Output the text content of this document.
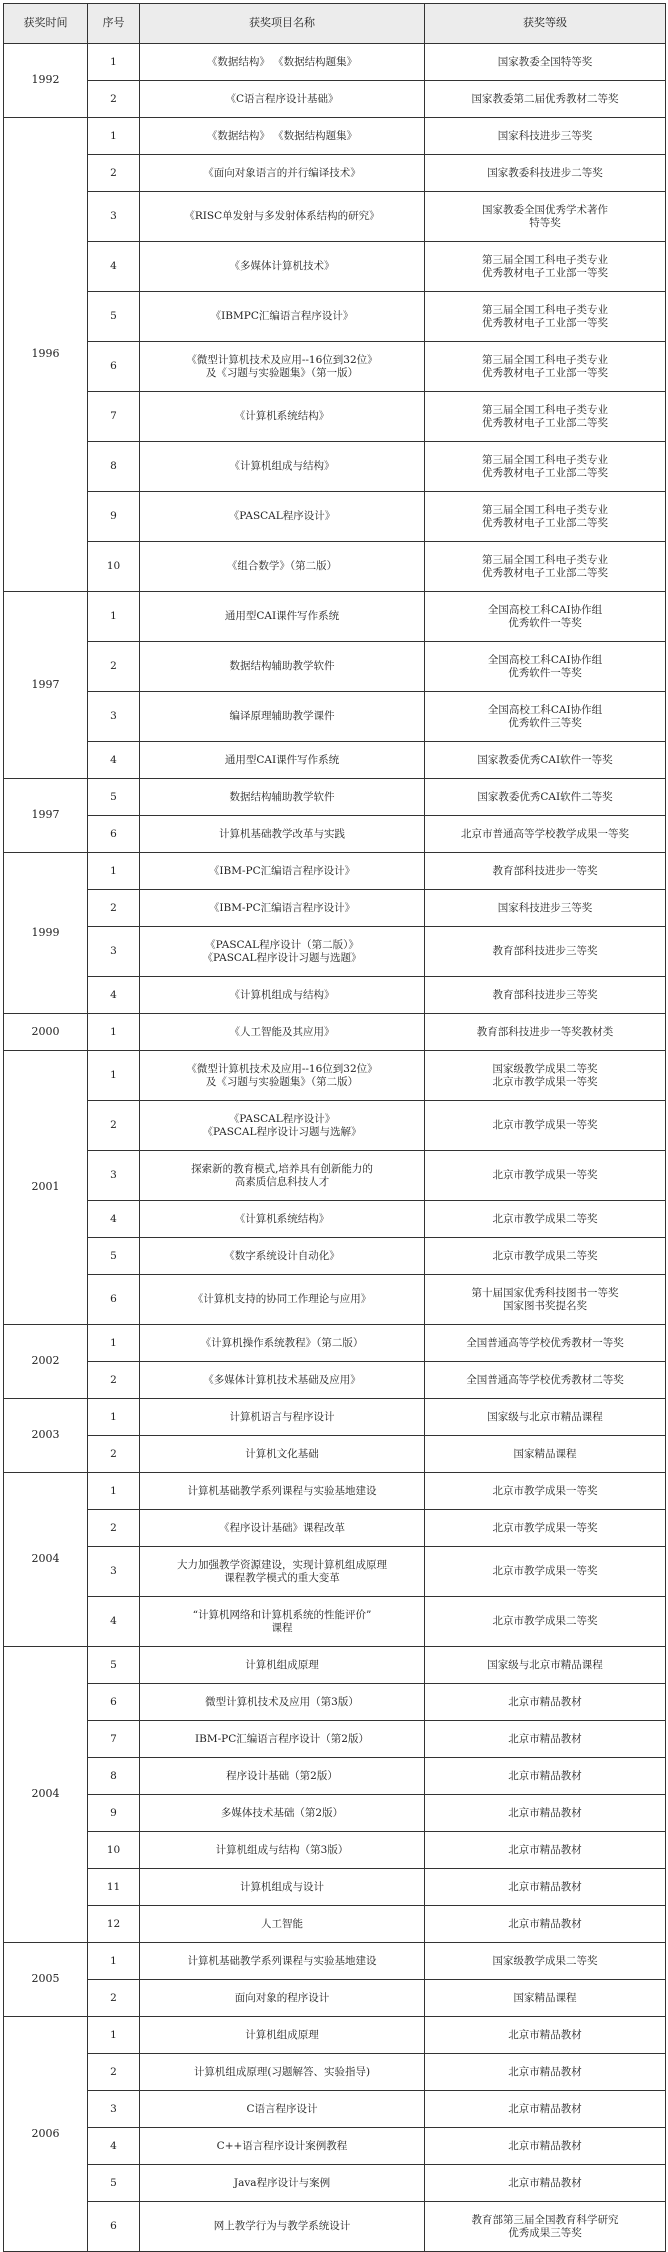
获奖时间	序号	获奖项目名称	获奖等级
1992	1	《数据结构》 《数据结构题集》	国家教委全国特等奖

	2	《C语言程序设计基础》	国家教委第二届优秀教材二等奖

1996	1	《数据结构》 《数据结构题集》	国家科技进步三等奖

	2	《面向对象语言的并行编译技术》	国家教委科技进步二等奖

	3	《RISC单发射与多发射体系结构的研究》	国家教委全国优秀学术著作
特等奖

	4	《多媒体计算机技术》	第三届全国工科电子类专业
优秀教材电子工业部一等奖

	5	《IBMPC汇编语言程序设计》	第三届全国工科电子类专业
优秀教材电子工业部一等奖

	6	《微型计算机技术及应用--16位到32位》
及《习题与实验题集》（第一版）	第三届全国工科电子类专业
优秀教材电子工业部一等奖

	7	《计算机系统结构》	第三届全国工科电子类专业
优秀教材电子工业部二等奖

	8	《计算机组成与结构》	第三届全国工科电子类专业
优秀教材电子工业部二等奖

	9	《PASCAL程序设计》	第三届全国工科电子类专业
优秀教材电子工业部二等奖

	10	《组合数学》（第二版）	第三届全国工科电子类专业
优秀教材电子工业部二等奖

1997	1	通用型CAI课件写作系统	全国高校工科CAI协作组
优秀软件一等奖

	2	数据结构辅助教学软件	全国高校工科CAI协作组
优秀软件一等奖

	3	编译原理辅助教学课件	全国高校工科CAI协作组
优秀软件三等奖

	4	通用型CAI课件写作系统	国家教委优秀CAI软件一等奖

1997	5	数据结构辅助教学软件	国家教委优秀CAI软件二等奖

	6	计算机基础教学改革与实践	北京市普通高等学校教学成果一等奖

1999	1	《IBM-PC汇编语言程序设计》	教育部科技进步一等奖

	2	《IBM-PC汇编语言程序设计》	国家科技进步三等奖

	3	《PASCAL程序设计（第二版）》
《PASCAL程序设计习题与选题》	教育部科技进步三等奖

	4	《计算机组成与结构》	教育部科技进步三等奖

2000	1	《人工智能及其应用》	教育部科技进步一等奖教材类

2001	1	《微型计算机技术及应用--16位到32位》
及《习题与实验题集》（第二版）	国家级教学成果二等奖
北京市教学成果一等奖

	2	《PASCAL程序设计》
《PASCAL程序设计习题与选解》	北京市教学成果一等奖

	3	探索新的教育模式,培养具有创新能力的
高素质信息科技人才	北京市教学成果一等奖

	4	《计算机系统结构》	北京市教学成果二等奖

	5	《数字系统设计自动化》	北京市教学成果二等奖

	6	《计算机支持的协同工作理论与应用》	第十届国家优秀科技图书一等奖
国家图书奖提名奖

2002	1	《计算机操作系统教程》（第二版）	全国普通高等学校优秀教材一等奖

	2	《多媒体计算机技术基础及应用》	全国普通高等学校优秀教材二等奖

2003	1	计算机语言与程序设计	国家级与北京市精品课程

	2	计算机文化基础	国家精品课程

2004	1	计算机基础教学系列课程与实验基地建设	北京市教学成果一等奖

	2	《程序设计基础》课程改革	北京市教学成果一等奖

	3	大力加强教学资源建设，实现计算机组成原理
课程教学模式的重大变革	北京市教学成果一等奖

	4	“计算机网络和计算机系统的性能评价”
课程	北京市教学成果二等奖

2004	5	计算机组成原理	国家级与北京市精品课程

	6	微型计算机技术及应用（第3版）	北京市精品教材

	7	IBM-PC汇编语言程序设计（第2版）	北京市精品教材

	8	程序设计基础（第2版）	北京市精品教材

	9	多媒体技术基础（第2版）	北京市精品教材

	10	计算机组成与结构（第3版）	北京市精品教材

	11	计算机组成与设计	北京市精品教材

	12	人工智能	北京市精品教材

2005	1	计算机基础教学系列课程与实验基地建设	国家级教学成果二等奖

	2	面向对象的程序设计	国家精品课程

2006	1	计算机组成原理	北京市精品教材

	2	计算机组成原理(习题解答、实验指导)	北京市精品教材

	3	C语言程序设计	北京市精品教材

	4	C++语言程序设计案例教程	北京市精品教材

	5	Java程序设计与案例	北京市精品教材

	6	网上教学行为与教学系统设计	教育部第三届全国教育科学研究
优秀成果三等奖
